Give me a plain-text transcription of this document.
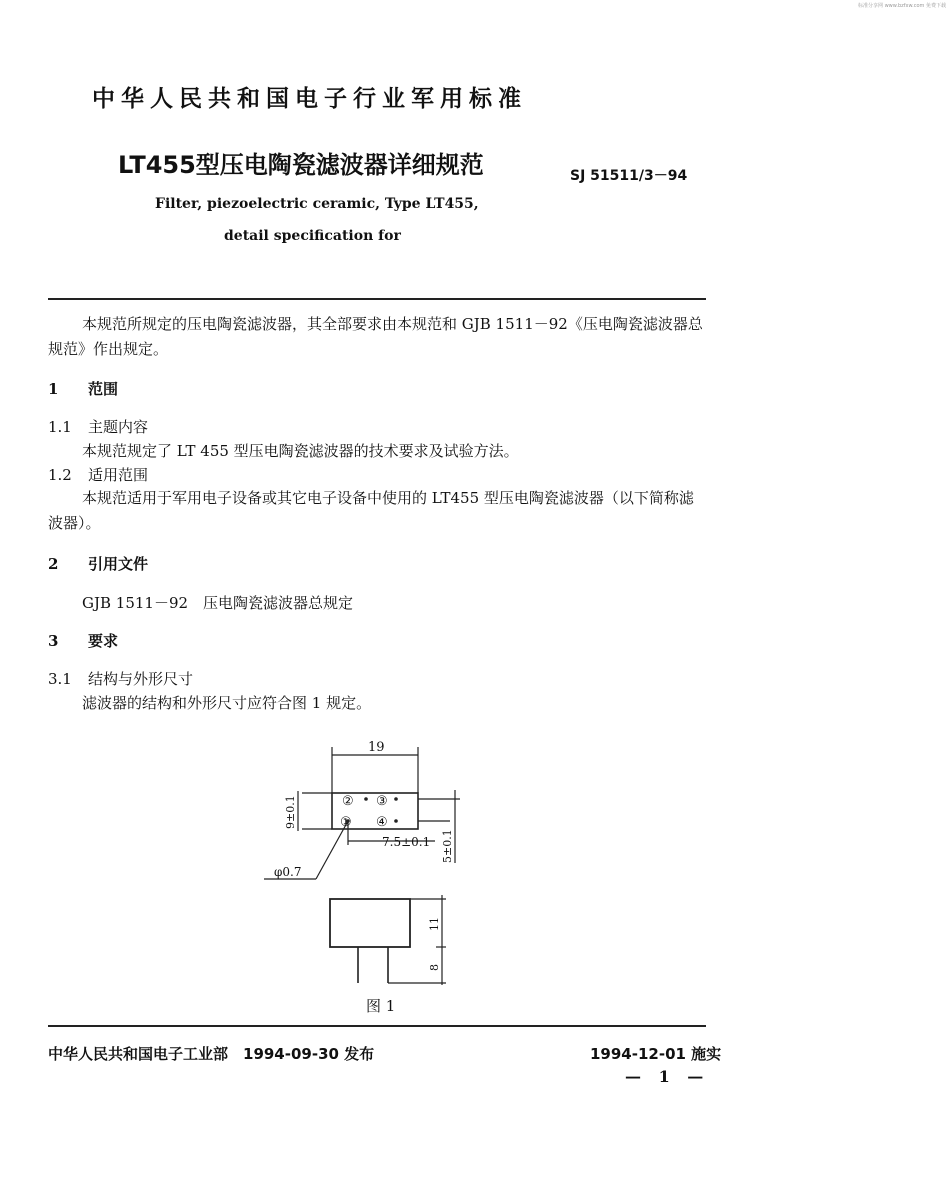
标准分享网 www.bzfxw.com 免费下载
中华人民共和国电子行业军用标准
LT455型压电陶瓷滤波器详细规范	SJ 51511/3－94
Filter, piezoelectric ceramic, Type LT455,
detail specification for
本规范所规定的压电陶瓷滤波器，其全部要求由本规范和 GJB 1511－92《压电陶瓷滤波器总规范》作出规定。
1 范围
1.1 主题内容
本规范规定了 LT 455 型压电陶瓷滤波器的技术要求及试验方法。
1.2 适用范围
本规范适用于军用电子设备或其它电子设备中使用的 LT455 型压电陶瓷滤波器（以下简称滤波器）。
2 引用文件
GJB 1511－92　压电陶瓷滤波器总规定
3 要求
3.1 结构与外形尺寸
滤波器的结构和外形尺寸应符合图 1 规定。
19
② ③
① ④
7.5±0.1
φ0.7
9±0.1
5±0.1
11
8
图 1
中华人民共和国电子工业部　1994-09-30 发布	1994-12-01 施实
— 1 —
